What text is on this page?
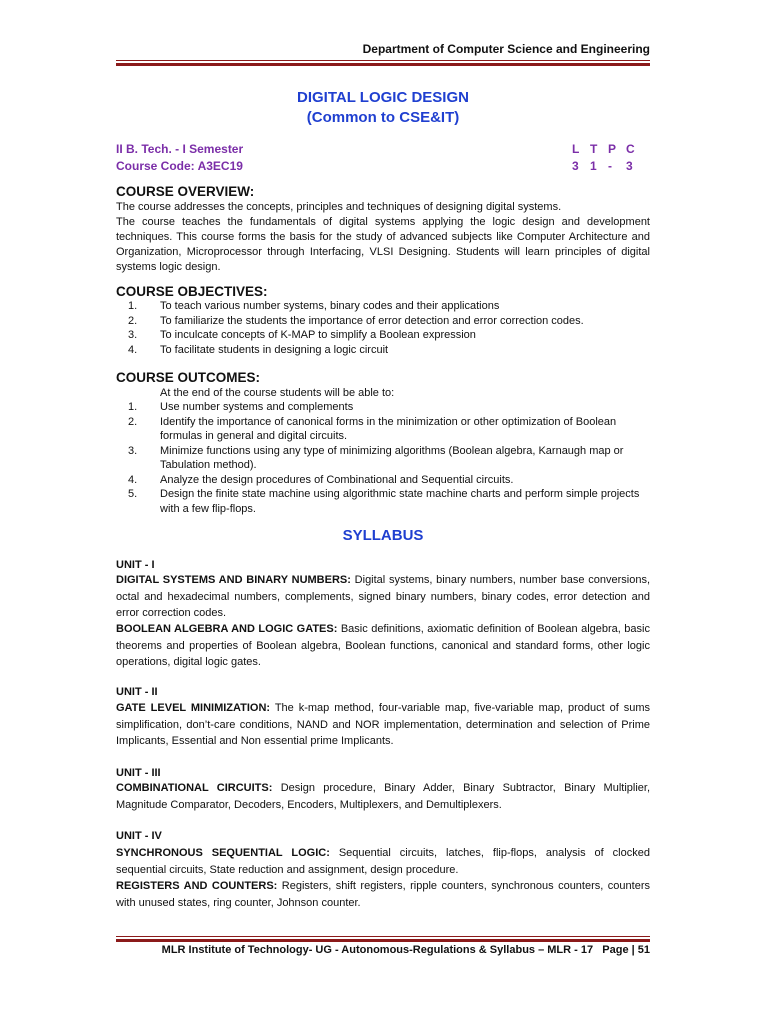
Department of Computer Science and Engineering
DIGITAL LOGIC DESIGN
(Common to CSE&IT)
II B. Tech. - I Semester
Course Code: A3EC19
L T P C
3 1 -	3
COURSE OVERVIEW:
The course addresses the concepts, principles and techniques of designing digital systems.
The course teaches the fundamentals of digital systems applying the logic design and development techniques. This course forms the basis for the study of advanced subjects like Computer Architecture and Organization, Microprocessor through Interfacing, VLSI Designing. Students will learn principles of digital systems logic design.
COURSE OBJECTIVES:
1. To teach various number systems, binary codes and their applications
2. To familiarize the students the importance of error detection and error correction codes.
3. To inculcate concepts of K-MAP to simplify a Boolean expression
4. To facilitate students in designing a logic circuit
COURSE OUTCOMES:
At the end of the course students will be able to:
1. Use number systems and complements
2. Identify the importance of canonical forms in the minimization or other optimization of Boolean formulas in general and digital circuits.
3. Minimize functions using any type of minimizing algorithms (Boolean algebra, Karnaugh map or Tabulation method).
4. Analyze the design procedures of Combinational and Sequential circuits.
5. Design the finite state machine using algorithmic state machine charts and perform simple projects with a few flip-flops.
SYLLABUS
UNIT - I

DIGITAL SYSTEMS AND BINARY NUMBERS: Digital systems, binary numbers, number base conversions, octal and hexadecimal numbers, complements, signed binary numbers, binary codes, error detection and error correction codes.

BOOLEAN ALGEBRA AND LOGIC GATES: Basic definitions, axiomatic definition of Boolean algebra, basic theorems and properties of Boolean algebra, Boolean functions, canonical and standard forms, other logic operations, digital logic gates.

UNIT - II

GATE LEVEL MINIMIZATION: The k-map method, four-variable map, five-variable map, product of sums simplification, don’t-care conditions, NAND and NOR implementation, determination and selection of Prime Implicants, Essential and Non essential prime Implicants.

UNIT - III

COMBINATIONAL CIRCUITS: Design procedure, Binary Adder, Binary Subtractor, Binary Multiplier, Magnitude Comparator, Decoders, Encoders, Multiplexers, and Demultiplexers.

UNIT - IV

SYNCHRONOUS SEQUENTIAL LOGIC: Sequential circuits, latches, flip-flops, analysis of clocked sequential circuits, State reduction and assignment, design procedure.

REGISTERS AND COUNTERS: Registers, shift registers, ripple counters, synchronous counters, counters with unused states, ring counter, Johnson counter.

MLR Institute of Technology- UG - Autonomous-Regulations & Syllabus – MLR - 17 Page | 51
